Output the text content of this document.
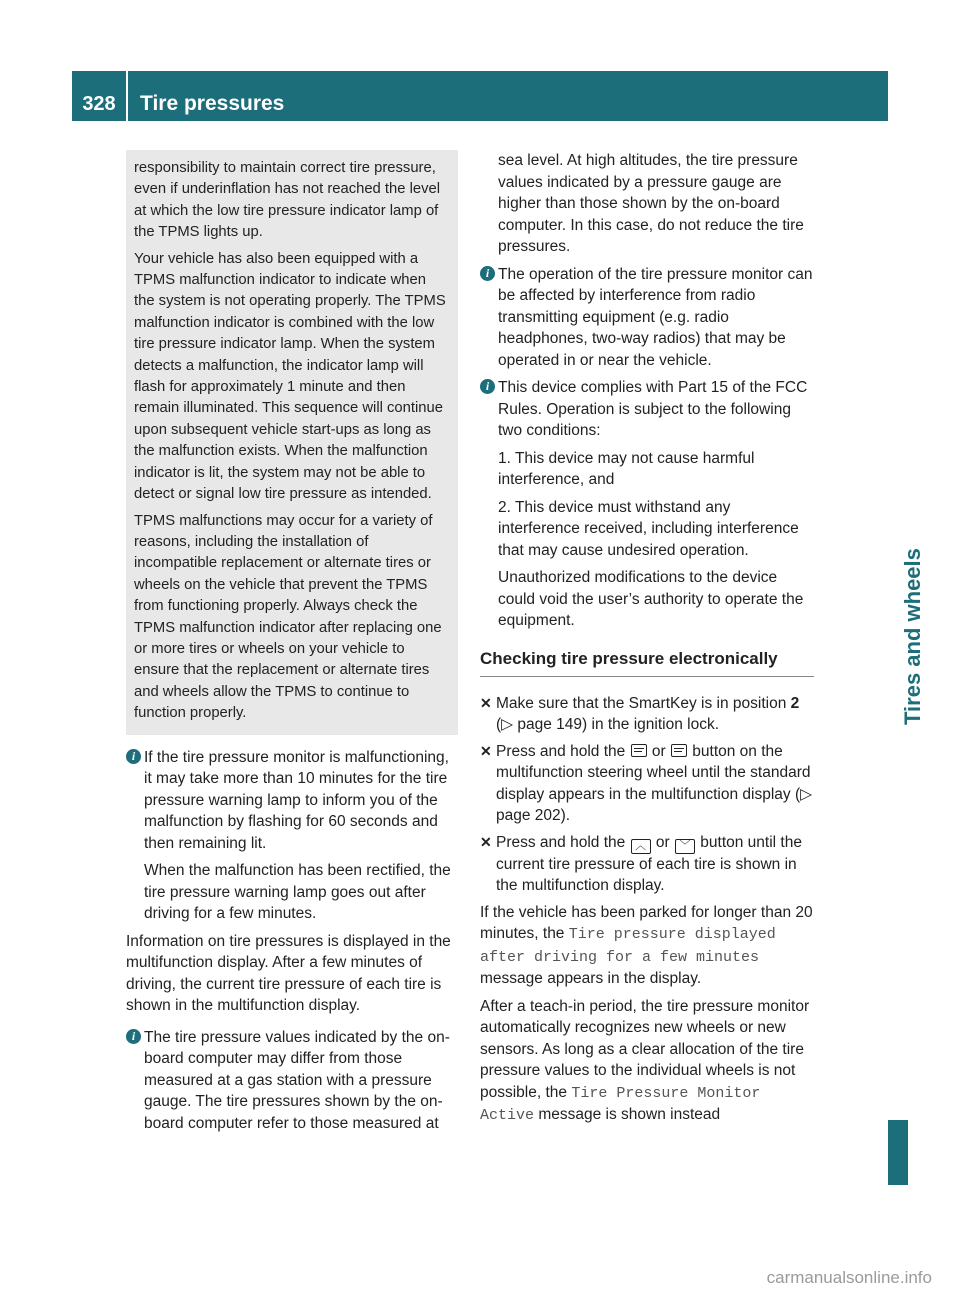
328	Tire pressures
Tires and wheels

responsibility to maintain correct tire pressure, even if underinflation has not reached the level at which the low tire pressure indicator lamp of the TPMS lights up.

Your vehicle has also been equipped with a TPMS malfunction indicator to indicate when the system is not operating properly. The TPMS malfunction indicator is combined with the low tire pressure indicator lamp. When the system detects a malfunction, the indicator lamp will flash for approximately 1 minute and then remain illuminated. This sequence will continue upon subsequent vehicle start-ups as long as the malfunction exists. When the malfunction indicator is lit, the system may not be able to detect or signal low tire pressure as intended.

TPMS malfunctions may occur for a variety of reasons, including the installation of incompatible replacement or alternate tires or wheels on the vehicle that prevent the TPMS from functioning properly. Always check the TPMS malfunction indicator after replacing one or more tires or wheels on your vehicle to ensure that the replacement or alternate tires and wheels allow the TPMS to continue to function properly.

i If the tire pressure monitor is malfunctioning, it may take more than 10 minutes for the tire pressure warning lamp to inform you of the malfunction by flashing for 60 seconds and then remaining lit.

When the malfunction has been rectified, the tire pressure warning lamp goes out after driving for a few minutes.

Information on tire pressures is displayed in the multifunction display. After a few minutes of driving, the current tire pressure of each tire is shown in the multifunction display.

i The tire pressure values indicated by the on-board computer may differ from those measured at a gas station with a pressure gauge. The tire pressures shown by the on-board computer refer to those measured at

sea level. At high altitudes, the tire pressure values indicated by a pressure gauge are higher than those shown by the on-board computer. In this case, do not reduce the tire pressures.

i The operation of the tire pressure monitor can be affected by interference from radio transmitting equipment (e.g. radio headphones, two-way radios) that may be operated in or near the vehicle.

i This device complies with Part 15 of the FCC Rules. Operation is subject to the following two conditions:

1. This device may not cause harmful interference, and

2. This device must withstand any interference received, including interference that may cause undesired operation.

Unauthorized modifications to the device could void the user’s authority to operate the equipment.

Checking tire pressure electronically
✕ Make sure that the SmartKey is in position 2 (▷ page 149) in the ignition lock.
✕ Press and hold the  or  button on the multifunction steering wheel until the standard display appears in the multifunction display (▷ page 202).
✕ Press and hold the ︿ or ﹀ button until the current tire pressure of each tire is shown in the multifunction display.

If the vehicle has been parked for longer than 20 minutes, the Tire pressure displayed after driving for a few minutes message appears in the display.

After a teach-in period, the tire pressure monitor automatically recognizes new wheels or new sensors. As long as a clear allocation of the tire pressure values to the individual wheels is not possible, the Tire Pressure Monitor Active message is shown instead

carmanualsonline.info
